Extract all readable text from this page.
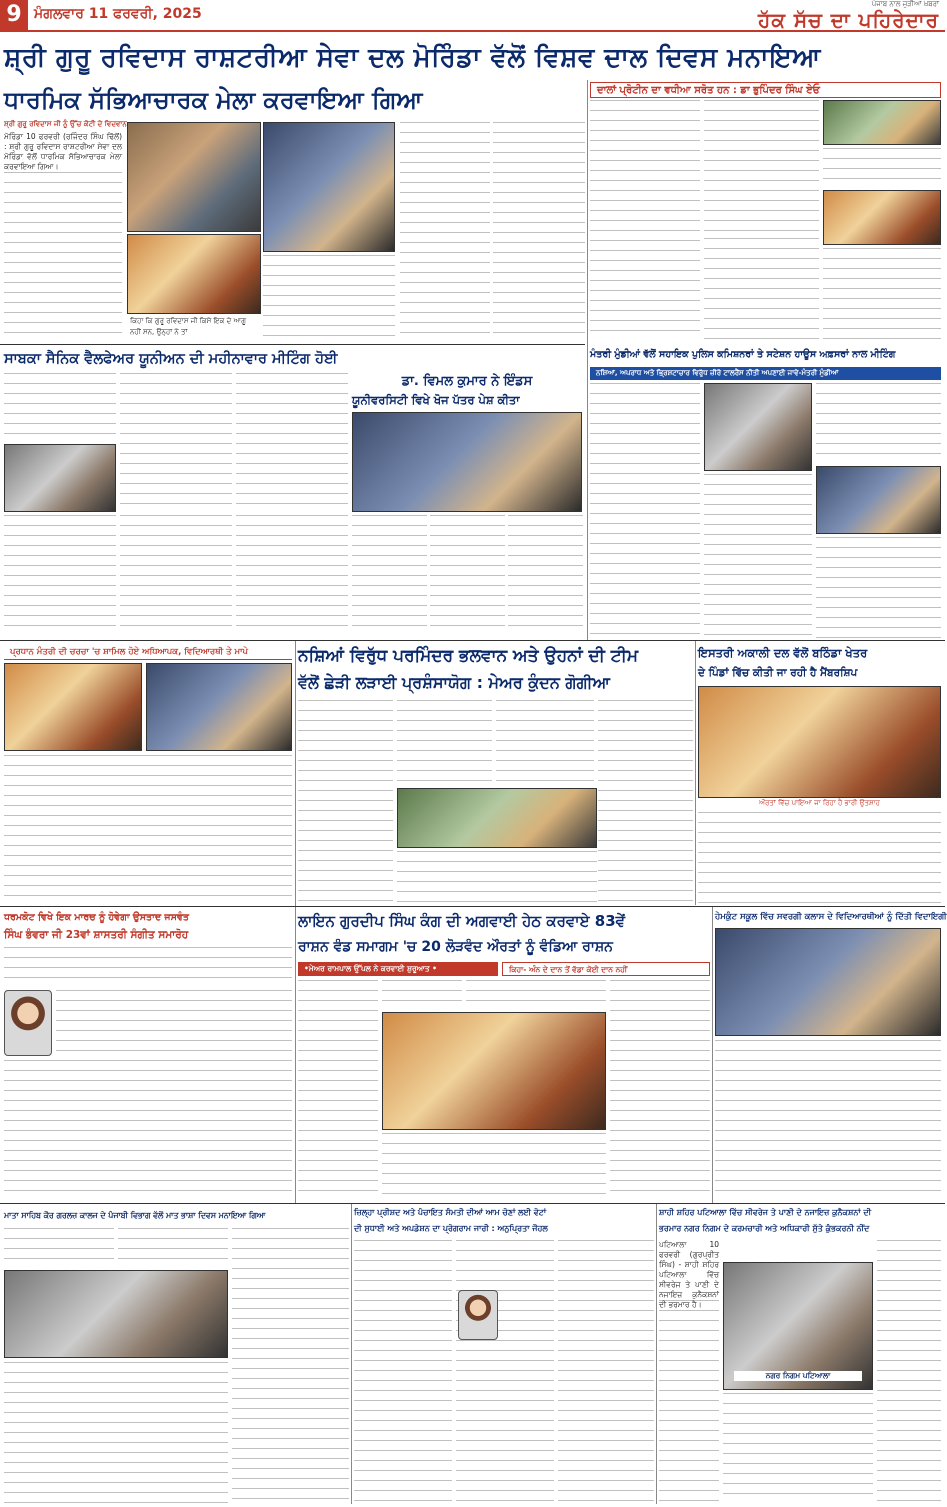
9 ਮੰਗਲਵਾਰ 11 ਫਰਵਰੀ, 2025
ਪੰਜਾਬ ਨਾਲ ਜੁੜੀਆਂ ਖ਼ਬਰਾਂ
ਹੱਕ ਸੱਚ ਦਾ ਪਹਿਰੇਦਾਰ
ਸ਼੍ਰੀ ਗੁਰੂ ਰਵਿਦਾਸ ਰਾਸ਼ਟਰੀਆ ਸੇਵਾ ਦਲ ਮੋਰਿੰਡਾ ਵੱਲੋਂ ਵਿਸ਼ਵ ਦਾਲ ਦਿਵਸ ਮਨਾਇਆ
ਧਾਰਮਿਕ ਸੱਭਿਆਚਾਰਕ ਮੇਲਾ ਕਰਵਾਇਆ ਗਿਆ
ਸ਼੍ਰੀ ਗੁਰੂ ਰਵਿਦਾਸ ਜੀ ਨੂੰ ਉੱਚ ਕੋਟੀ ਦੇ ਵਿਦਵਾਨ
ਮੋਰਿੰਡਾ 10 ਫਰਵਰੀ (ਰਜਿੰਦਰ ਸਿੰਘ ਢਿੱਲੋਂ) : ਸ਼੍ਰੀ ਗੁਰੂ ਰਵਿਦਾਸ ਰਾਸ਼ਟਰੀਆ ਸੇਵਾ ਦਲ ਮੋਰਿੰਡਾ ਵੱਲੋਂ ਧਾਰਮਿਕ ਸੱਭਿਆਚਾਰਕ ਮੇਲਾ ਕਰਵਾਇਆ ਗਿਆ।
ਕਿਹਾ ਕਿ ਗੁਰੂ ਰਵਿਦਾਸ ਜੀ ਕਿਸੇ ਇਕ ਦੇ ਆਗੂ ਨਹੀਂ ਸਨ, ਉਨ੍ਹਾਂ ਨੇ ਤਾਂ
ਦਾਲਾਂ ਪ੍ਰੋਟੀਨ ਦਾ ਵਧੀਆ ਸਰੋਤ ਹਨ : ਡਾ ਭੁਪਿੰਦਰ ਸਿੰਘ ਏਓ
ਸਾਬਕਾ ਸੈਨਿਕ ਵੈਲਫੇਅਰ ਯੂਨੀਅਨ ਦੀ ਮਹੀਨਾਵਾਰ ਮੀਟਿੰਗ ਹੋਈ
ਡਾ. ਵਿਮਲ ਕੁਮਾਰ ਨੇ ਇੰਡਸ
ਯੂਨੀਵਰਸਿਟੀ ਵਿਖੇ ਖੋਜ ਪੱਤਰ ਪੇਸ਼ ਕੀਤਾ
ਮੰਤਰੀ ਮੁੰਡੀਆਂ ਵੱਲੋਂ ਸਹਾਇਕ ਪੁਲਿਸ ਕਮਿਸ਼ਨਰਾਂ ਤੇ ਸਟੇਸ਼ਨ ਹਾਊਸ ਅਫ਼ਸਰਾਂ ਨਾਲ ਮੀਟਿੰਗ
ਨਸ਼ਿਆਂ, ਅਪਰਾਧ ਅਤੇ ਭ੍ਰਿਸ਼ਟਾਚਾਰ ਵਿਰੁੱਧ ਜ਼ੀਰੋ ਟਾਲਰੈਂਸ ਨੀਤੀ ਅਪਣਾਈ ਜਾਵੇ-ਮੰਤਰੀ ਮੁੰਡੀਆਂ
ਪ੍ਰਧਾਨ ਮੰਤਰੀ ਦੀ ਚਰਚਾ 'ਚ ਸ਼ਾਮਿਲ ਹੋਏ ਅਧਿਆਪਕ, ਵਿਦਿਆਰਥੀ ਤੇ ਮਾਪੇ	ਨਸ਼ਿਆਂ ਵਿਰੁੱਧ ਪਰਮਿੰਦਰ ਭਲਵਾਨ ਅਤੇ ਉਹਨਾਂ ਦੀ ਟੀਮ
ਵੱਲੋਂ ਛੇੜੀ ਲੜਾਈ ਪ੍ਰਸ਼ੰਸਾਯੋਗ : ਮੇਅਰ ਕੁੰਦਨ ਗੋਗੀਆ
ਇਸਤਰੀ ਅਕਾਲੀ ਦਲ ਵੱਲੋਂ ਬਠਿੰਡਾ ਖੇਤਰ
ਦੇ ਪਿੰਡਾਂ ਵਿੱਚ ਕੀਤੀ ਜਾ ਰਹੀ ਹੈ ਮੈਂਬਰਸ਼ਿਪ
ਔਰਤਾਂ ਵਿੱਚ ਪਾਇਆ ਜਾ ਰਿਹਾ ਹੈ ਭਾਰੀ ਉਤਸ਼ਾਹ
ਧਰਮਕੋਟ ਵਿਖੇ ਇਕ ਮਾਰਚ ਨੂੰ ਹੋਵੇਗਾ ਉਸਤਾਦ ਜਸਵੰਤ
ਸਿੰਘ ਭੰਵਰਾ ਜੀ 23ਵਾਂ ਸ਼ਾਸਤਰੀ ਸੰਗੀਤ ਸਮਾਰੋਹ
ਲਾਇਨ ਗੁਰਦੀਪ ਸਿੰਘ ਕੰਗ ਦੀ ਅਗਵਾਈ ਹੇਠ ਕਰਵਾਏ 83ਵੇਂ
ਰਾਸ਼ਨ ਵੰਡ ਸਮਾਗਮ 'ਚ 20 ਲੋੜਵੰਦ ਔਰਤਾਂ ਨੂੰ ਵੰਡਿਆ ਰਾਸ਼ਨ
•ਮੇਅਰ ਰਾਮਪਾਲ ਉੱਪਲ ਨੇ ਕਰਵਾਈ ਸ਼ੁਰੂਆਤ •	ਕਿਹਾ- ਅੰਨ ਦੇ ਦਾਨ ਤੋਂ ਵੱਡਾ ਕੋਈ ਦਾਨ ਨਹੀਂ
ਹੇਮਕੁੰਟ ਸਕੂਲ ਵਿੱਚ ਸਵਰਗੀ ਕਲਾਸ ਦੇ ਵਿਦਿਆਰਥੀਆਂ ਨੂੰ ਦਿੱਤੀ ਵਿਦਾਇਗੀ
ਮਾਤਾ ਸਾਹਿਬ ਕੌਰ ਗਰਲਜ਼ ਕਾਲਜ ਦੇ ਪੰਜਾਬੀ ਵਿਭਾਗ ਵੱਲੋਂ ਮਾਤ ਭਾਸ਼ਾ ਦਿਵਸ ਮਨਾਇਆ ਗਿਆ	ਜ਼ਿਲ੍ਹਾ ਪ੍ਰੀਸ਼ਦ ਅਤੇ ਪੰਚਾਇਤ ਸੰਮਤੀ ਦੀਆਂ ਆਮ ਚੋਣਾਂ ਲਈ ਵੋਟਾਂ
ਦੀ ਸੁਧਾਈ ਅਤੇ ਅਪਡੇਸ਼ਨ ਦਾ ਪ੍ਰੋਗਰਾਮ ਜਾਰੀ : ਅਨੁਪ੍ਰਿਤਾ ਜੌਹਲ
ਸ਼ਾਹੀ ਸ਼ਹਿਰ ਪਟਿਆਲਾ ਵਿੱਚ ਸੀਵਰੇਜ ਤੇ ਪਾਣੀ ਦੇ ਨਜਾਇਜ਼ ਕੁਨੈਕਸ਼ਨਾਂ ਦੀ
ਭਰਮਾਰ ਨਗਰ ਨਿਗਮ ਦੇ ਕਰਮਚਾਰੀ ਅਤੇ ਅਧਿਕਾਰੀ ਸੁੱਤੇ ਕੁੰਭਕਰਨੀ ਨੀਂਦ
ਪਟਿਆਲਾ 10 ਫਰਵਰੀ (ਗੁਰਪ੍ਰੀਤ ਸਿੰਘ) - ਸ਼ਾਹੀ ਸ਼ਹਿਰ ਪਟਿਆਲਾ ਵਿੱਚ ਸੀਵਰੇਜ ਤੇ ਪਾਣੀ ਦੇ ਨਜਾਇਜ਼ ਕੁਨੈਕਸ਼ਨਾਂ ਦੀ ਭਰਮਾਰ ਹੈ।
ਨਗਰ ਨਿਗਮ ਪਟਿਆਲਾ
